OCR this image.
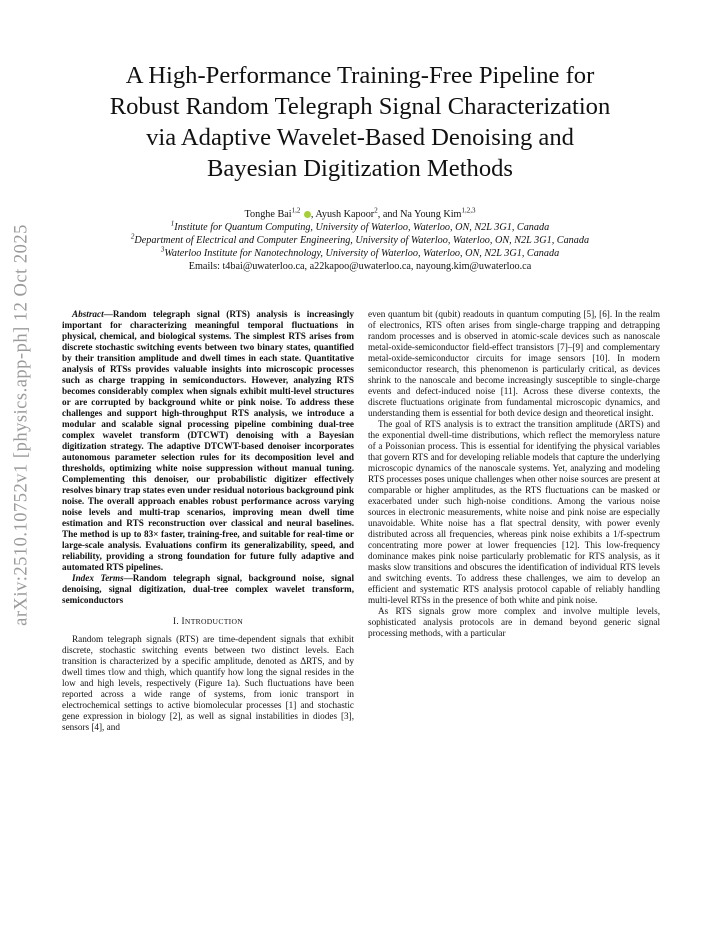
arXiv:2510.10752v1 [physics.app-ph] 12 Oct 2025
A High-Performance Training-Free Pipeline for
Robust Random Telegraph Signal Characterization
via Adaptive Wavelet-Based Denoising and
Bayesian Digitization Methods
Tonghe Bai$^{1,2}$ , Ayush Kapoor$^2$, and Na Young Kim$^{1,2,3}$
$^1$Institute for Quantum Computing, University of Waterloo, Waterloo, ON, N2L 3G1, Canada
$^2$Department of Electrical and Computer Engineering, University of Waterloo, Waterloo, ON, N2L 3G1, Canada
$^3$Waterloo Institute for Nanotechnology, University of Waterloo, Waterloo, ON, N2L 3G1, Canada
Emails: t4bai@uwaterloo.ca, a22kapoo@uwaterloo.ca, nayoung.kim@uwaterloo.ca

Abstract—Random telegraph signal (RTS) analysis is increasingly important for characterizing meaningful temporal fluctuations in physical, chemical, and biological systems. The simplest RTS arises from discrete stochastic switching events between two binary states, quantified by their transition amplitude and dwell times in each state. Quantitative analysis of RTSs provides valuable insights into microscopic processes such as charge trapping in semiconductors. However, analyzing RTS becomes considerably complex when signals exhibit multi-level structures or are corrupted by background white or pink noise. To address these challenges and support high-throughput RTS analysis, we introduce a modular and scalable signal processing pipeline combining dual-tree complex wavelet transform (DTCWT) denoising with a Bayesian digitization strategy. The adaptive DTCWT-based denoiser incorporates autonomous parameter selection rules for its decomposition level and thresholds, optimizing white noise suppression without manual tuning. Complementing this denoiser, our probabilistic digitizer effectively resolves binary trap states even under residual notorious background pink noise. The overall approach enables robust performance across varying noise levels and multi-trap scenarios, improving mean dwell time estimation and RTS reconstruction over classical and neural baselines. The method is up to 83× faster, training-free, and suitable for real-time or large-scale analysis. Evaluations confirm its generalizability, speed, and reliability, providing a strong foundation for future fully adaptive and automated RTS pipelines.

Index Terms—Random telegraph signal, background noise, signal denoising, signal digitization, dual-tree complex wavelet transform, semiconductors

I. INTRODUCTION

Random telegraph signals (RTS) are time-dependent signals that exhibit discrete, stochastic switching events between two distinct levels. Each transition is characterized by a specific amplitude, denoted as ΔRTS, and by dwell times τlow and τhigh, which quantify how long the signal resides in the low and high levels, respectively (Figure 1a). Such fluctuations have been reported across a wide range of systems, from ionic transport in electrochemical settings to active biomolecular processes [1] and stochastic gene expression in biology [2], as well as signal instabilities in diodes [3], sensors [4], and

even quantum bit (qubit) readouts in quantum computing [5], [6]. In the realm of electronics, RTS often arises from single-charge trapping and detrapping random processes and is observed in atomic-scale devices such as nanoscale metal-oxide-semiconductor field-effect transistors [7]–[9] and complementary metal-oxide-semiconductor circuits for image sensors [10]. In modern semiconductor research, this phenomenon is particularly critical, as devices shrink to the nanoscale and become increasingly susceptible to single-charge events and defect-induced noise [11]. Across these diverse contexts, the discrete fluctuations originate from fundamental microscopic dynamics, and understanding them is essential for both device design and theoretical insight.

The goal of RTS analysis is to extract the transition amplitude (ΔRTS) and the exponential dwell-time distributions, which reflect the memoryless nature of a Poissonian process. This is essential for identifying the physical variables that govern RTS and for developing reliable models that capture the underlying microscopic dynamics of the nanoscale systems. Yet, analyzing and modeling RTS processes poses unique challenges when other noise sources are present at comparable or higher amplitudes, as the RTS fluctuations can be masked or exacerbated under such high-noise conditions. Among the various noise sources in electronic measurements, white noise and pink noise are especially unavoidable. White noise has a flat spectral density, with power evenly distributed across all frequencies, whereas pink noise exhibits a 1/f-spectrum concentrating more power at lower frequencies [12]. This low-frequency dominance makes pink noise particularly problematic for RTS analysis, as it masks slow transitions and obscures the identification of individual RTS levels and switching events. To address these challenges, we aim to develop an efficient and systematic RTS analysis protocol capable of reliably handling multi-level RTSs in the presence of both white and pink noise.

As RTS signals grow more complex and involve multiple levels, sophisticated analysis protocols are in demand beyond generic signal processing methods, with a particular
